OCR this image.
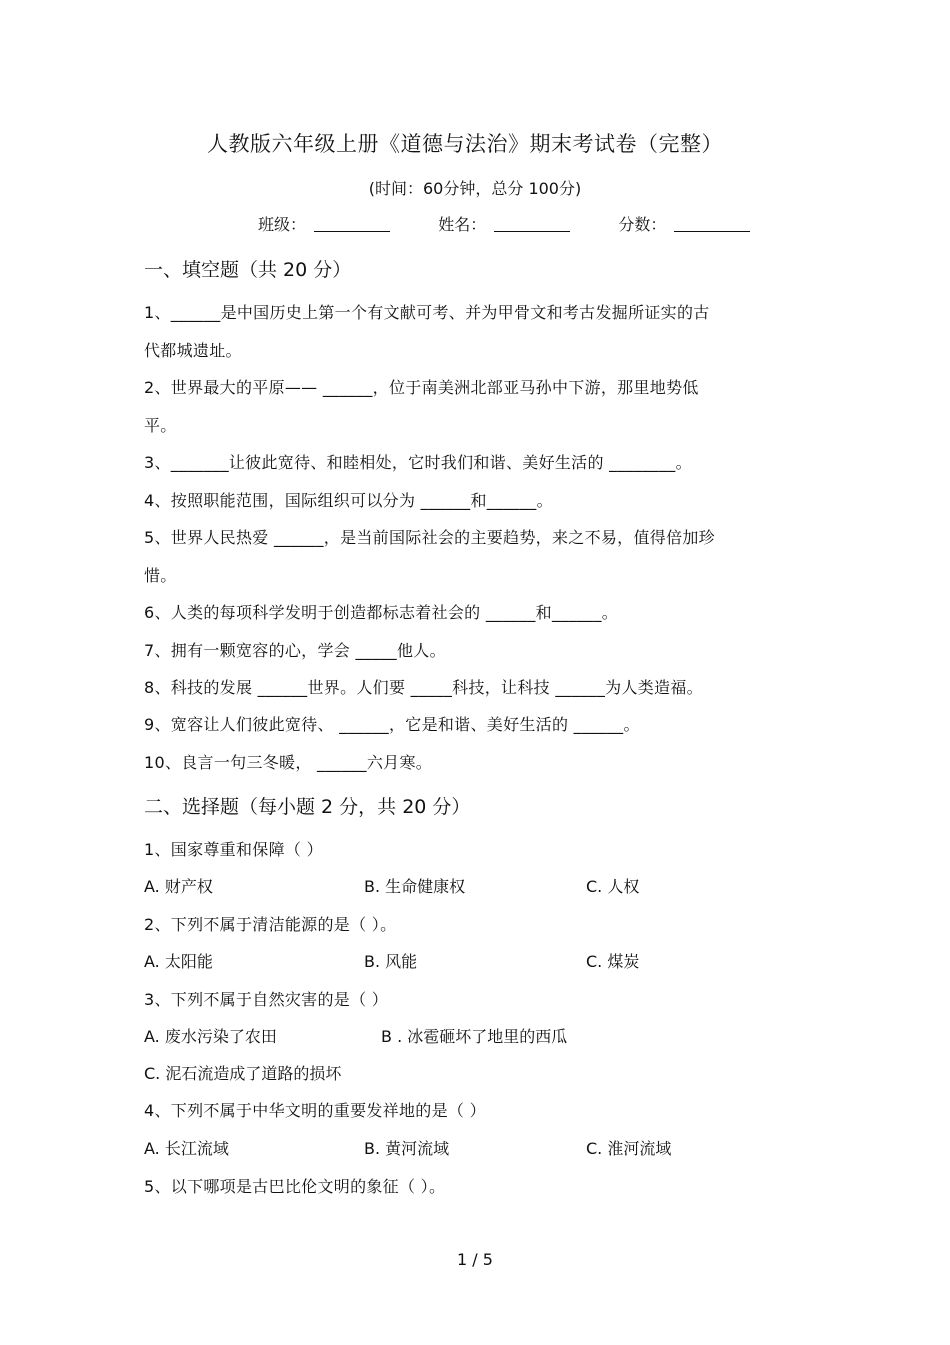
人教版六年级上册《道德与法治》期末考试卷（完整）
(时间：60分钟，总分 100分)
班级：	姓名：	分数：
一、填空题（共 20 分）
1、______是中国历史上第一个有文献可考、并为甲骨文和考古发掘所证实的古
代都城遗址。
2、世界最大的平原—— ______，位于南美洲北部亚马孙中下游，那里地势低
平。
3、_______让彼此宽待、和睦相处，它时我们和谐、美好生活的 ________。
4、按照职能范围，国际组织可以分为 ______和______。
5、世界人民热爱 ______，是当前国际社会的主要趋势，来之不易，值得倍加珍
惜。
6、人类的每项科学发明于创造都标志着社会的 ______和______。
7、拥有一颗宽容的心，学会 _____他人。
8、科技的发展 ______世界。人们要 _____科技，让科技 ______为人类造福。
9、宽容让人们彼此宽待、 ______，它是和谐、美好生活的 ______。
10、良言一句三冬暖， ______六月寒。
二、选择题（每小题 2 分，共 20 分）
1、国家尊重和保障（ ）
A. 财产权	B. 生命健康权	C. 人权
2、下列不属于清洁能源的是（ ）。
A. 太阳能	B. 风能	C. 煤炭
3、下列不属于自然灾害的是（ ）
A. 废水污染了农田	B . 冰雹砸坏了地里的西瓜
C. 泥石流造成了道路的损坏
4、下列不属于中华文明的重要发祥地的是（ ）
A. 长江流域	B. 黄河流域	C. 淮河流域
5、以下哪项是古巴比伦文明的象征（ ）。
1 / 5
